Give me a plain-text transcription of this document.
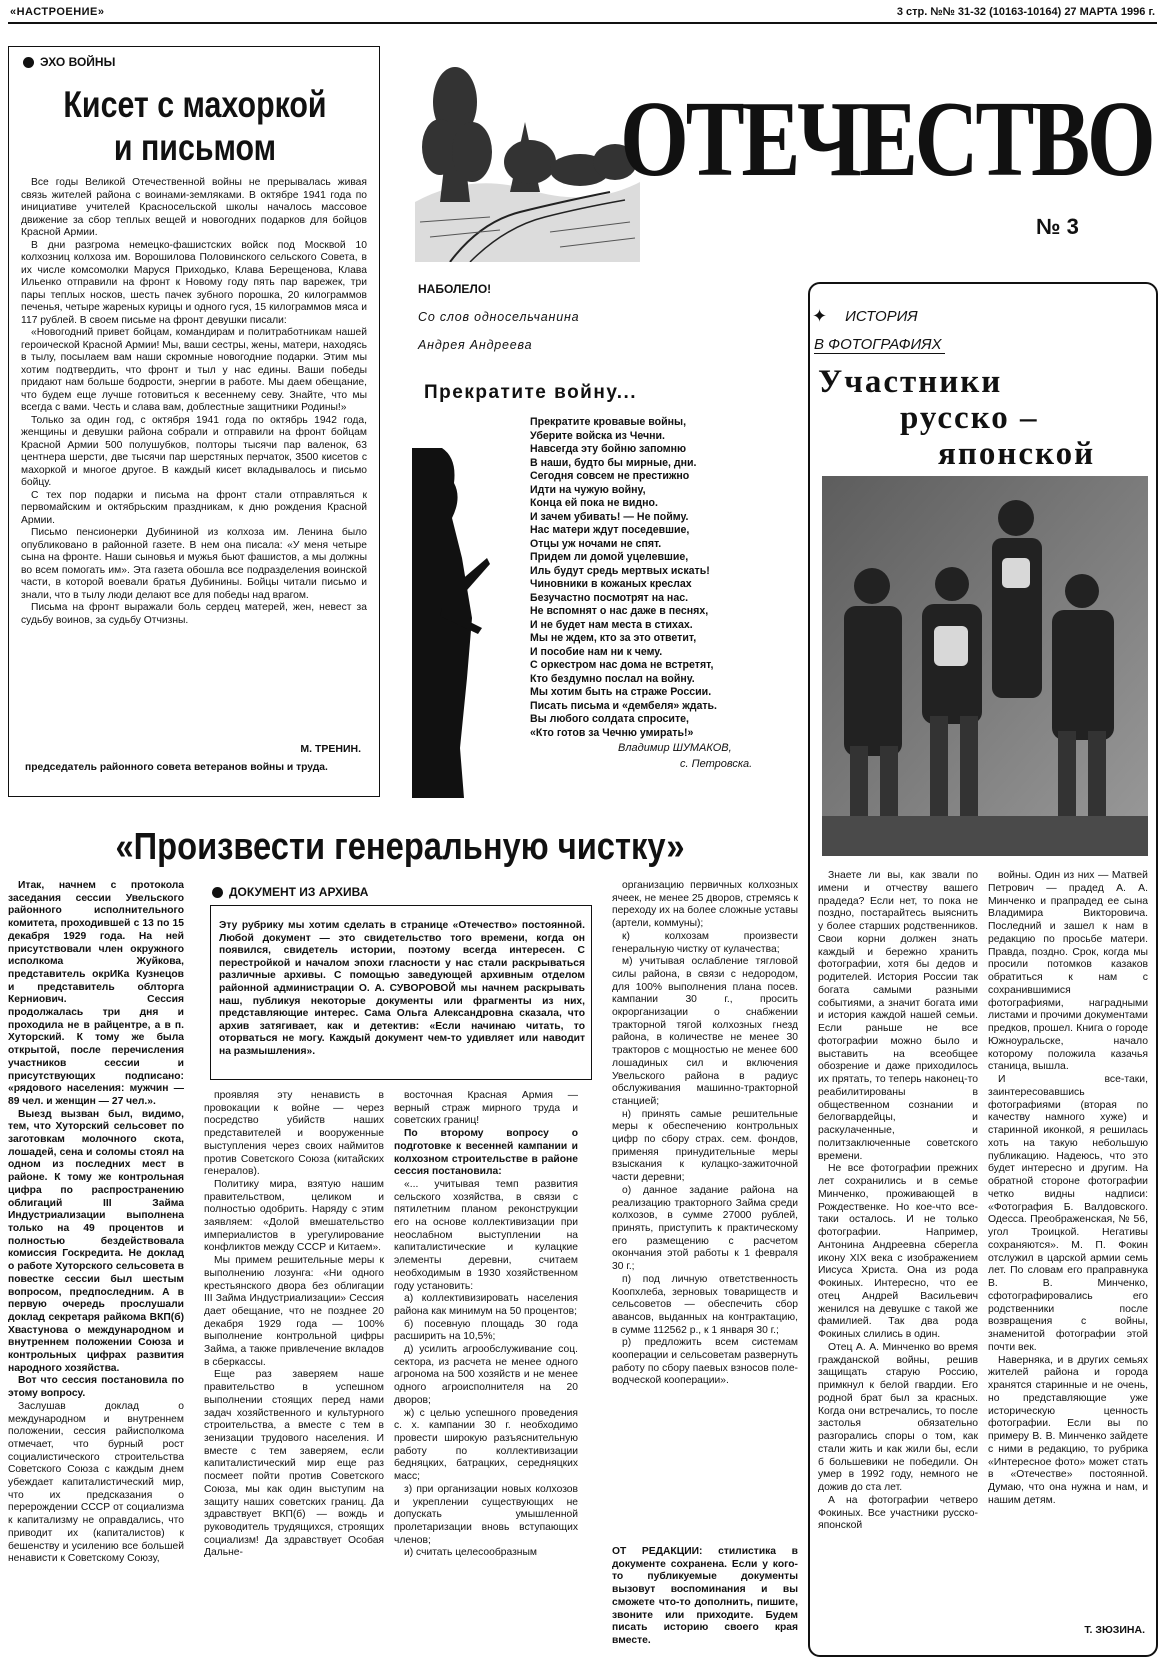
«НАСТРОЕНИЕ»	3 стр. №№ 31-32 (10163-10164) 27 МАРТА 1996 г.
ЭХО ВОЙНЫ
Кисет с махоркой
и письмом

Все годы Великой Отечественной войны не прерывалась живая связь жителей района с воинами-земляками. В октябре 1941 года по инициативе учителей Красносельской школы началось массовое движение за сбор теплых вещей и новогодних подарков для бойцов Красной Армии.

В дни разгрома немецко-фашистских войск под Москвой 10 колхозниц колхоза им. Ворошилова Половинского сельского Совета, в их числе комсомолки Маруся Приходько, Клава Берещенова, Клава Ильенко отправили на фронт к Новому году пять пар варежек, три пары теплых носков, шесть пачек зубного порошка, 20 килограммов печенья, четыре жареных курицы и одного гуся, 15 килограммов мяса и 117 рублей. В своем письме на фронт девушки писали:

«Новогодний привет бойцам, командирам и политработникам нашей героической Красной Армии! Мы, ваши сестры, жены, матери, находясь в тылу, посылаем вам наши скромные новогодние подарки. Этим мы хотим подтвердить, что фронт и тыл у нас едины. Ваши победы придают нам больше бодрости, энергии в работе. Мы даем обещание, что будем еще лучше готовиться к весеннему севу. Знайте, что мы всегда с вами. Честь и слава вам, доблестные защитники Родины!»

Только за один год, с октября 1941 года по октябрь 1942 года, женщины и девушки района собрали и отправили на фронт бойцам Красной Армии 500 полушубков, полторы тысячи пар валенок, 63 центнера шерсти, две тысячи пар шерстяных перчаток, 3500 кисетов с махоркой и многое другое. В каждый кисет вкладывалось и письмо бойцу.

С тех пор подарки и письма на фронт стали отправляться к первомайским и октябрьским праздникам, к дню рождения Красной Армии.

Письмо пенсионерки Дубининой из колхоза им. Ленина было опубликовано в районной газете. В нем она писала: «У меня четыре сына на фронте. Наши сыновья и мужья бьют фашистов, а мы должны во всем помогать им». Эта газета обошла все подразделения воинской части, в которой воевали братья Дубинины. Бойцы читали письмо и знали, что в тылу люди делают все для победы над врагом.

Письма на фронт выражали боль сердец матерей, жен, невест за судьбу воинов, за судьбу Отчизны.

М. ТРЕНИН.
председатель районного совета ветеранов войны и труда.
ОТЕЧЕСТВО
№ 3
НАБОЛЕЛО!
Со слов односельчанина
Андрея Андреева
Прекратите войну...
Прекратите кровавые войны,
Уберите войска из Чечни.
Навсегда эту бойню запомню
В наши, будто бы мирные, дни.
Сегодня совсем не престижно
Идти на чужую войну,
Конца ей пока не видно.
И зачем убивать! — Не пойму.
Нас матери ждут поседевшие,
Отцы уж ночами не спят.
Придем ли домой уцелевшие,
Иль будут средь мертвых искать!
Чиновники в кожаных креслах
Безучастно посмотрят на нас.
Не вспомнят о нас даже в песнях,
И не будет нам места в стихах.
Мы не ждем, кто за это ответит,
И пособие нам ни к чему.
С оркестром нас дома не встретят,
Кто бездумно послал на войну.
Мы хотим быть на страже России.
Писать письма и «дембеля» ждать.
Вы любого солдата спросите,
«Кто готов за Чечню умирать!»
Владимир ШУМАКОВ,
с. Петровска.
✦ ИСТОРИЯ
В ФОТОГРАФИЯХ
Участники
русско –
японской

Знаете ли вы, как звали по имени и отчеству вашего прадеда? Если нет, то пока не поздно, постарайтесь выяснить у более старших родственников. Свои корни должен знать каждый и бережно хранить фотографии, хотя бы дедов и родителей. История России так богата самыми разными событиями, а значит богата ими и история каждой нашей семьи. Если раньше не все фотографии можно было и выставить на всеобщее обозрение и даже приходилось их прятать, то теперь наконец-то реабилитированы в общественном сознании и белогвардейцы, и раскулаченные, и политзаключенные советского времени.

Не все фотографии прежних лет сохранились и в семье Минченко, проживающей в Рождественке. Но кое-что все-таки осталось. И не только фотографии. Например, Антонина Андреевна сберегла икону XIX века с изображением Иисуса Христа. Она из рода Фокиных. Интересно, что ее отец Андрей Васильевич женился на девушке с такой же фамилией. Так два рода Фокиных слились в один.

Отец А. А. Минченко во время гражданской войны, решив защищать старую Россию, примкнул к белой гвардии. Его родной брат был за красных. Когда они встречались, то после застолья обязательно разгорались споры о том, как стали жить и как жили бы, если б большевики не победили. Он умер в 1992 году, немного не дожив до ста лет.

А на фотографии четверо Фокиных. Все участники русско-японской

войны. Один из них — Матвей Петрович — прадед А. А. Минченко и прапрадед ее сына Владимира Викторовича. Последний и зашел к нам в редакцию по просьбе матери. Правда, поздно. Срок, когда мы просили потомков казаков обратиться к нам с сохранившимися фотографиями, наградными листами и прочими документами предков, прошел. Книга о городе Южноуральске, начало которому положила казачья станица, вышла.

И все-таки, заинтересовавшись фотографиями (вторая по качеству намного хуже) и старинной иконкой, я решилась хоть на такую небольшую публикацию. Надеюсь, что это будет интересно и другим. На обратной стороне фотографии четко видны надписи: «Фотография Б. Валдовского. Одесса. Преображенская, № 56, угол Троицкой. Негативы сохраняются». М. П. Фокин отслужил в царской армии семь лет. По словам его праправнука В. В. Минченко, сфотографировались его родственники после возвращения с войны, знаменитой фотографии этой почти век.

Наверняка, и в других семьях жителей района и города хранятся старинные и не очень, но представляющие уже историческую ценность фотографии. Если вы по примеру В. В. Минченко зайдете с ними в редакцию, то рубрика «Интересное фото» может стать в «Отечестве» постоянной. Думаю, что она нужна и нам, и нашим детям.

Т. ЗЮЗИНА.
«Произвести генеральную чистку»

Итак, начнем с протокола заседания сессии Увельского районного исполнительного комитета, проходившей с 13 по 15 декабря 1929 года. На ней присутствовали член окружного исполкома Жуйкова, представитель окрИКа Кузнецов и представитель облторга Керниович. Сессия продолжалась три дня и проходила не в райцентре, а в п. Хуторский. К тому же была открытой, после перечисления участников сессии и присутствующих подписано: «рядового населения: мужчин — 89 чел. и женщин — 27 чел.».

Выезд вызван был, видимо, тем, что Хуторский сельсовет по заготовкам молочного скота, лошадей, сена и соломы стоял на одном из последних мест в районе. К тому же контрольная цифра по распространению облигаций III Займа Индустриализации выполнена только на 49 процентов и полностью бездействовала комиссия Госкредита. Не доклад о работе Хуторского сельсовета в повестке сессии был шестым вопросом, предпоследним. А в первую очередь прослушали доклад секретаря райкома ВКП(б) Хвастунова о международном и внутреннем положении Союза и контрольных цифрах развития народного хозяйства.

Вот что сессия постановила по этому вопросу.

Заслушав доклад о международном и внутреннем положении, сессия райисполкома отмечает, что бурный рост социалистического строительства Советского Союза с каждым днем убеждает капиталистический мир, что их предсказания о перерождении СССР от социализма к капитализму не оправдались, что приводит их (капиталистов) к бешенству и усилению все большей ненависти к Советскому Союзу,

ДОКУМЕНТ ИЗ АРХИВА
Эту рубрику мы хотим сделать в странице «Отечество» постоянной. Любой документ — это свидетельство того времени, когда он появился, свидетель истории, поэтому всегда интересен. С перестройкой и началом эпохи гласности у нас стали раскрываться различные архивы. С помощью заведующей архивным отделом районной администрации О. А. СУВОРОВОЙ мы начнем раскрывать наш, публикуя некоторые документы или фрагменты из них, представляющие интерес. Сама Ольга Александровна сказала, что архив затягивает, как и детектив: «Если начинаю читать, то оторваться не могу. Каждый документ чем-то удивляет или наводит на размышления».

проявляя эту ненависть в провокации к войне — через посредство убийств наших представителей и вооруженные выступления через своих наймитов против Советского Союза (китайских генералов).

Политику мира, взятую нашим правительством, целиком и полностью одобрить. Наряду с этим заявляем: «Долой вмешательство империалистов в урегулирование конфликтов между СССР и Китаем».

Мы примем решительные меры к выполнению лозунга: «Ни одного крестьянского двора без облигации III Займа Индустриализации» Сессия дает обещание, что не позднее 20 декабря 1929 года — 100% выполнение контрольной цифры Займа, а также привлечение вкладов в сберкассы.

Еще раз заверяем наше правительство в успешном выполнении стоящих перед нами задач хозяйственного и культурного строительства, а вместе с тем в зенизации трудового населения. И вместе с тем заверяем, если капиталистический мир еще раз посмеет пойти против Советского Союза, мы как один выступим на защиту наших советских границ. Да здравствует ВКП(б) — вождь и руководитель трудящихся, строящих социализм! Да здравствует Особая Дальне-

восточная Красная Армия — верный страж мирного труда и советских границ!

По второму вопросу о подготовке к весенней кампании и колхозном строительстве в районе сессия постановила:

«... учитывая темп развития сельского хозяйства, в связи с пятилетним планом реконструкции его на основе коллективизации при неослабном выступлении на капиталистические и кулацкие элементы деревни, считаем необходимым в 1930 хозяйственном году установить:

а) коллективизировать населения района как минимум на 50 процентов;

б) посевную площадь 30 года расширить на 10,5%;

д) усилить агрообслуживание соц. сектора, из расчета не менее одного агронома на 500 хозяйств и не менее одного агроисполнителя на 20 дворов;

ж) с целью успешного проведения с. х. кампании 30 г. необходимо провести широкую разъяснительную работу по коллективизации бедняцких, батрацких, середняцких масс;

з) при организации новых колхозов и укреплении существующих не допускать умышленной пролетаризации вновь вступающих членов;

и) считать целесообразным

организацию первичных колхозных ячеек, не менее 25 дворов, стремясь к переходу их на более сложные уставы (артели, коммуны);

к) колхозам произвести генеральную чистку от кулачества;

м) учитывая ослабление тягловой силы района, в связи с недородом, для 100% выполнения плана посев. кампании 30 г., просить окрорганизации о снабжении тракторной тягой колхозных гнезд района, в количестве не менее 30 тракторов с мощностью не менее 600 лошадиных сил и включения Увельского района в радиус обслуживания машинно-тракторной станцией;

н) принять самые решительные меры к обеспечению контрольных цифр по сбору страх. сем. фондов, применяя принудительные меры взыскания к кулацко-зажиточной части деревни;

о) данное задание района на реализацию тракторного Займа среди колхозов, в сумме 27000 рублей, принять, приступить к практическому его размещению с расчетом окончания этой работы к 1 февраля 30 г.;

п) под личную ответственность Коопхлеба, зерновых товариществ и сельсоветов — обеспечить сбор авансов, выданных на контрактацию, в сумме 112562 р., к 1 января 30 г.;

р) предложить всем системам кооперации и сельсоветам развернуть работу по сбору паевых взносов поле-водческой кооперации».

ОТ РЕДАКЦИИ: стилистика в документе сохранена. Если у кого-то публикуемые документы вызовут воспоминания и вы сможете что-то дополнить, пишите, звоните или приходите. Будем писать историю своего края вместе.
